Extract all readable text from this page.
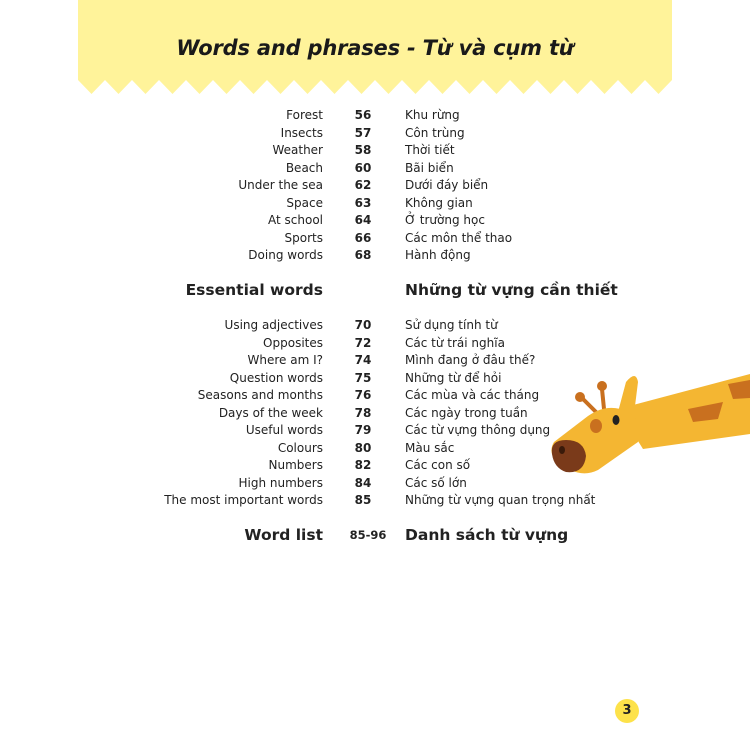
Words and phrases - Từ và cụm từ
Forest	56	Khu rừng
Insects	57	Côn trùng
Weather	58	Thời tiết
Beach	60	Bãi biển
Under the sea	62	Dưới đáy biển
Space	63	Không gian
At school	64	Ở trường học
Sports	66	Các môn thể thao
Doing words	68	Hành động
Essential words	Những từ vựng cần thiết
Using adjectives	70	Sử dụng tính từ
Opposites	72	Các từ trái nghĩa
Where am I?	74	Mình đang ở đâu thế?
Question words	75	Những từ để hỏi
Seasons and months	76	Các mùa và các tháng
Days of the week	78	Các ngày trong tuần
Useful words	79	Các từ vựng thông dụng
Colours	80	Màu sắc
Numbers	82	Các con số
High numbers	84	Các số lớn
The most important words	85	Những từ vựng quan trọng nhất
Word list	85-96	Danh sách từ vựng
3
